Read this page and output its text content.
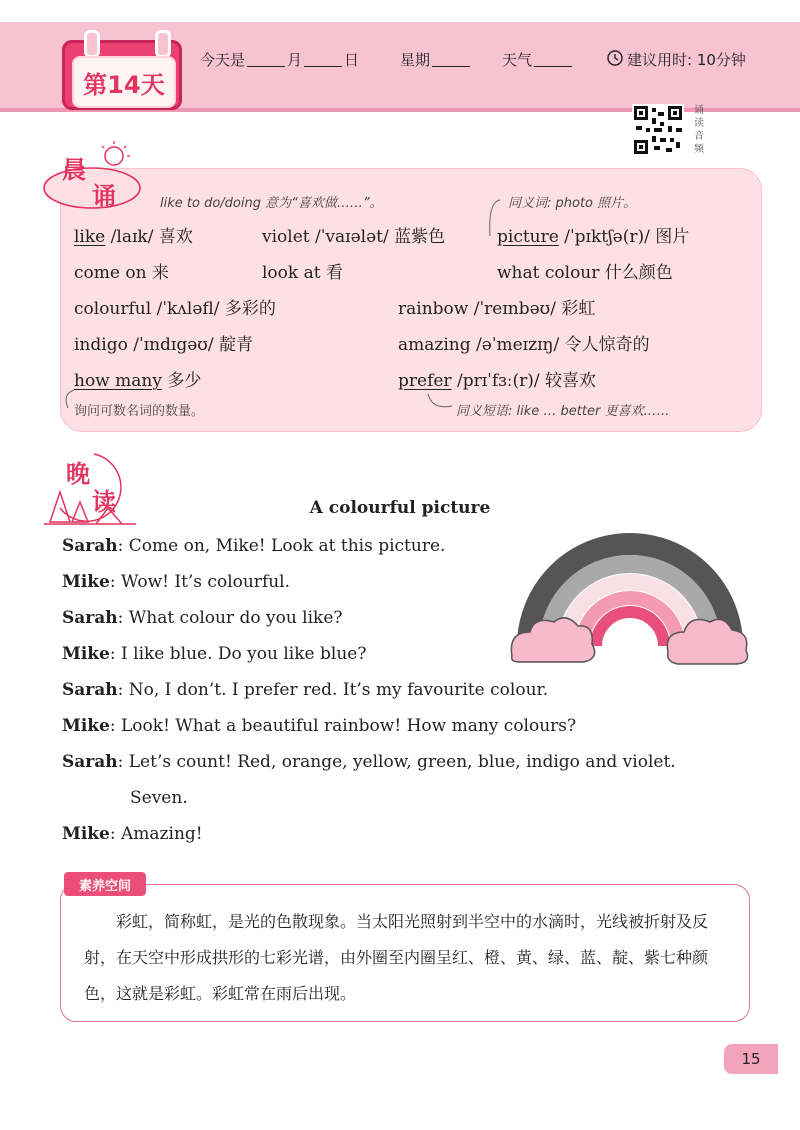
第14天
今天是	月	日	星期	天气	建议用时: 10分钟
诵
读
音
频
晨
诵	like to do/doing 意为“喜欢做……”。	同义词: photo 照片。
like /laɪk/ 喜欢	violet /ˈvaɪələt/ 蓝紫色	picture /ˈpɪktʃə(r)/ 图片
come on 来	look at 看	what colour 什么颜色
colourful /ˈkʌləfl/ 多彩的	rainbow /ˈreɪnbəʊ/ 彩虹
indigo /ˈɪndɪgəʊ/ 靛青	amazing /əˈmeɪzɪŋ/ 令人惊奇的
how many 多少	prefer /prɪˈfɜː(r)/ 较喜欢
询问可数名词的数量。	同义短语: like … better 更喜欢……
晚
读	A colourful picture
Sarah: Come on, Mike! Look at this picture.
Mike: Wow! It’s colourful.
Sarah: What colour do you like?
Mike: I like blue. Do you like blue?
Sarah: No, I don’t. I prefer red. It’s my favourite colour.
Mike: Look! What a beautiful rainbow! How many colours?
Sarah: Let’s count! Red, orange, yellow, green, blue, indigo and violet.
Seven.
Mike: Amazing!
素养空间
彩虹，简称虹，是光的色散现象。当太阳光照射到半空中的水滴时，光线被折射及反射，在天空中形成拱形的七彩光谱，由外圈至内圈呈红、橙、黄、绿、蓝、靛、紫七种颜色，这就是彩虹。彩虹常在雨后出现。
15
